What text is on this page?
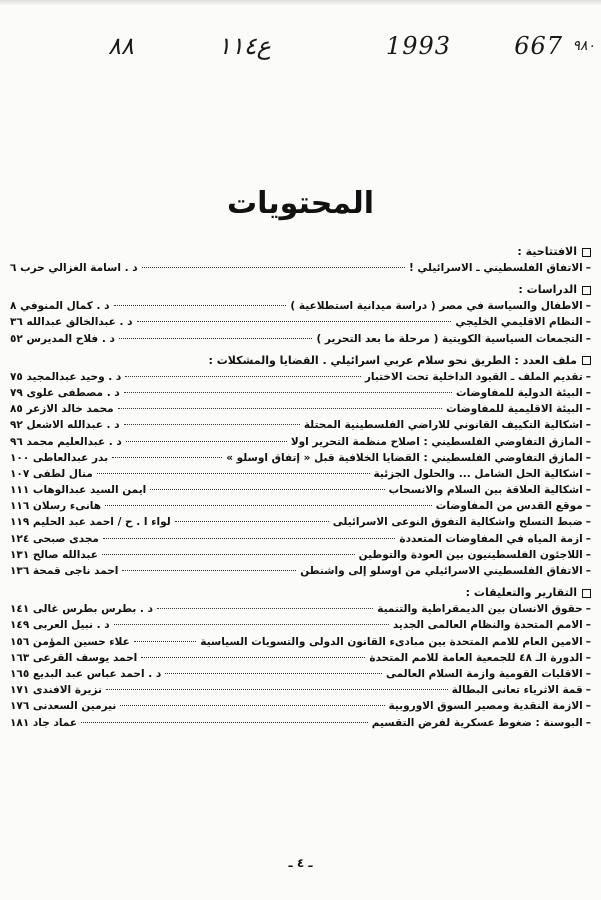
٩٨٠
667
1993
ع١١٤
٨٨
المحتويات
الافتتاحية :
–
الاتفاق الفلسطيني ـ الاسرائيلي !
د . اسامة الغزالي حرب ٦
الدراسات :
–
الاطفال والسياسة في مصر ( دراسة ميدانية استطلاعية )
د . كمال المنوفي ٨
–
النظام الاقليمي الخليجي
د . عبدالخالق عبدالله ٣٦
–
التجمعات السياسية الكويتية ( مرحلة ما بعد التحرير )
د . فلاح المديرس ٥٢
ملف العدد : الطريق نحو سلام عربي اسرائيلي . القضايا والمشكلات :
–
تقديم الملف ـ القيود الداخلية تحت الاختبار
د . وحيد عبدالمجيد ٧٥
–
البيئة الدولية للمفاوضات
د . مصطفى علوى ٧٩
–
البيئة الاقليمية للمفاوضات
محمد خالد الازعر ٨٥
–
اشكالية التكييف القانوني للاراضي الفلسطينية المحتلة
د . عبدالله الاشعل ٩٢
–
المازق التفاوضي الفلسطيني : اصلاح منظمة التحرير اولا
د . عبدالعليم محمد ٩٦
–
المازق التفاوضي الفلسطيني : القضايا الخلافية قبل « إتفاق اوسلو »
بدر عبدالعاطى ١٠٠
–
اشكالية الحل الشامل ... والحلول الجزئية
منال لطفى ١٠٧
–
اشكالية العلاقة بين السلام والانسحاب
ايمن السيد عبدالوهاب ١١١
–
موقع القدس من المفاوضات
هانىء رسلان ١١٦
–
ضبط التسلح واشكالية التفوق النوعى الاسرائيلى
لواء ا . ح / احمد عبد الحليم ١١٩
–
ازمة المياه في المفاوضات المتعددة
مجدى صبحى ١٢٤
–
اللاجئون الفلسطينيون بين العودة والتوطين
عبدالله صالح ١٣١
–
الاتفاق الفلسطيني الاسرائيلي من اوسلو إلى واشنطن
احمد ناجى قمحة ١٣٦
التقارير والتعليقات :
–
حقوق الانسان بين الديمقراطية والتنمية
د . بطرس بطرس غالى ١٤١
–
الامم المتحدة والنظام العالمى الجديد
د . نبيل العربى ١٤٩
–
الامين العام للامم المتحدة بين مبادىء القانون الدولى والتسويات السياسية
علاء حسين المؤمن ١٥٦
–
الدورة الـ ٤٨ للجمعية العامة للامم المتحدة
احمد يوسف القرعى ١٦٣
–
الاقليات القومية وازمة السلام العالمى
د . احمد عباس عبد البديع ١٦٥
–
قمة الاثرياء تعانى البطالة
نزيرة الافندى ١٧١
–
الازمة النقدية ومصير السوق الاوروبية
نيرمين السعدنى ١٧٦
–
البوسنة : ضغوط عسكرية لفرض التقسيم
عماد جاد ١٨١
ـ ٤ ـ
